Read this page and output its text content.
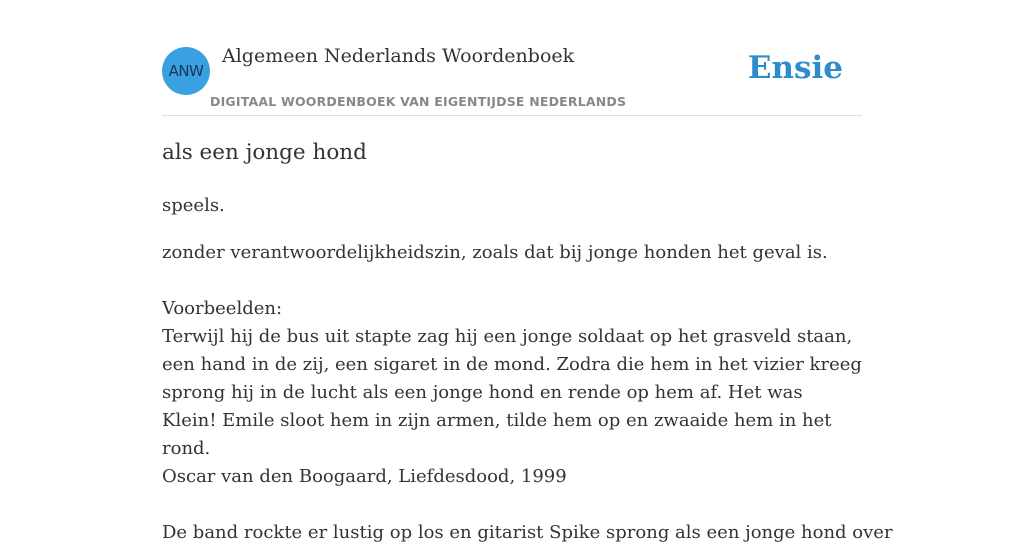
ANW
Algemeen Nederlands Woordenboek
DIGITAAL WOORDENBOEK VAN EIGENTIJDSE NEDERLANDS
Ensie
als een jonge hond
speels.
zonder verantwoordelijkheidszin, zoals dat bij jonge honden het geval is.

Voorbeelden:

Terwijl hij de bus uit stapte zag hij een jonge soldaat op het grasveld staan, een hand in de zij, een sigaret in de mond. Zodra die hem in het vizier kreeg sprong hij in de lucht als een jonge hond en rende op hem af. Het was Klein! Emile sloot hem in zijn armen, tilde hem op en zwaaide hem in het rond.

Oscar van den Boogaard, Liefdesdood, 1999

De band rockte er lustig op los en gitarist Spike sprong als een jonge hond over
